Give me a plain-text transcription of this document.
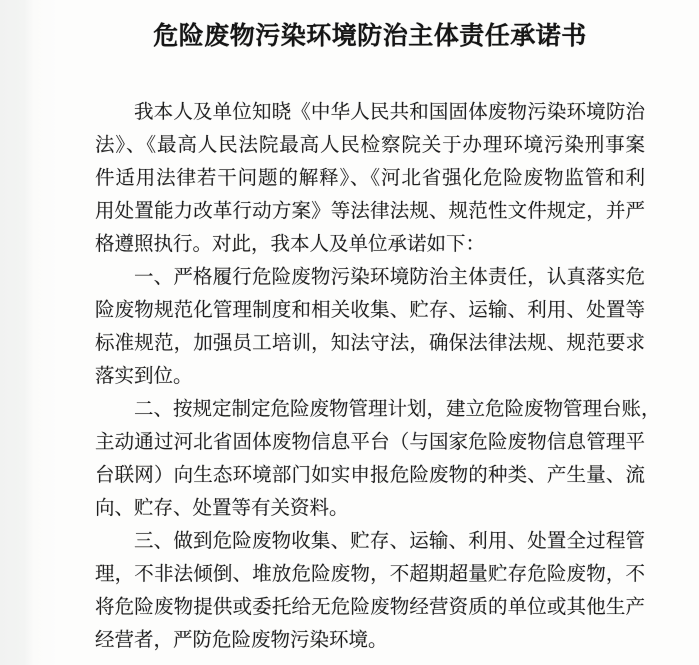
危险废物污染环境防治主体责任承诺书

我本人及单位知晓《中华人民共和国固体废物污染环境防治
法》、《最高人民法院最高人民检察院关于办理环境污染刑事案
件适用法律若干问题的解释》、《河北省强化危险废物监管和利
用处置能力改革行动方案》等法律法规、规范性文件规定，并严
格遵照执行。对此，我本人及单位承诺如下：

一、严格履行危险废物污染环境防治主体责任，认真落实危
险废物规范化管理制度和相关收集、贮存、运输、利用、处置等
标准规范，加强员工培训，知法守法，确保法律法规、规范要求
落实到位。

二、按规定制定危险废物管理计划，建立危险废物管理台账，
主动通过河北省固体废物信息平台（与国家危险废物信息管理平
台联网）向生态环境部门如实申报危险废物的种类、产生量、流
向、贮存、处置等有关资料。

三、做到危险废物收集、贮存、运输、利用、处置全过程管
理，不非法倾倒、堆放危险废物，不超期超量贮存危险废物，不
将危险废物提供或委托给无危险废物经营资质的单位或其他生产
经营者，严防危险废物污染环境。
